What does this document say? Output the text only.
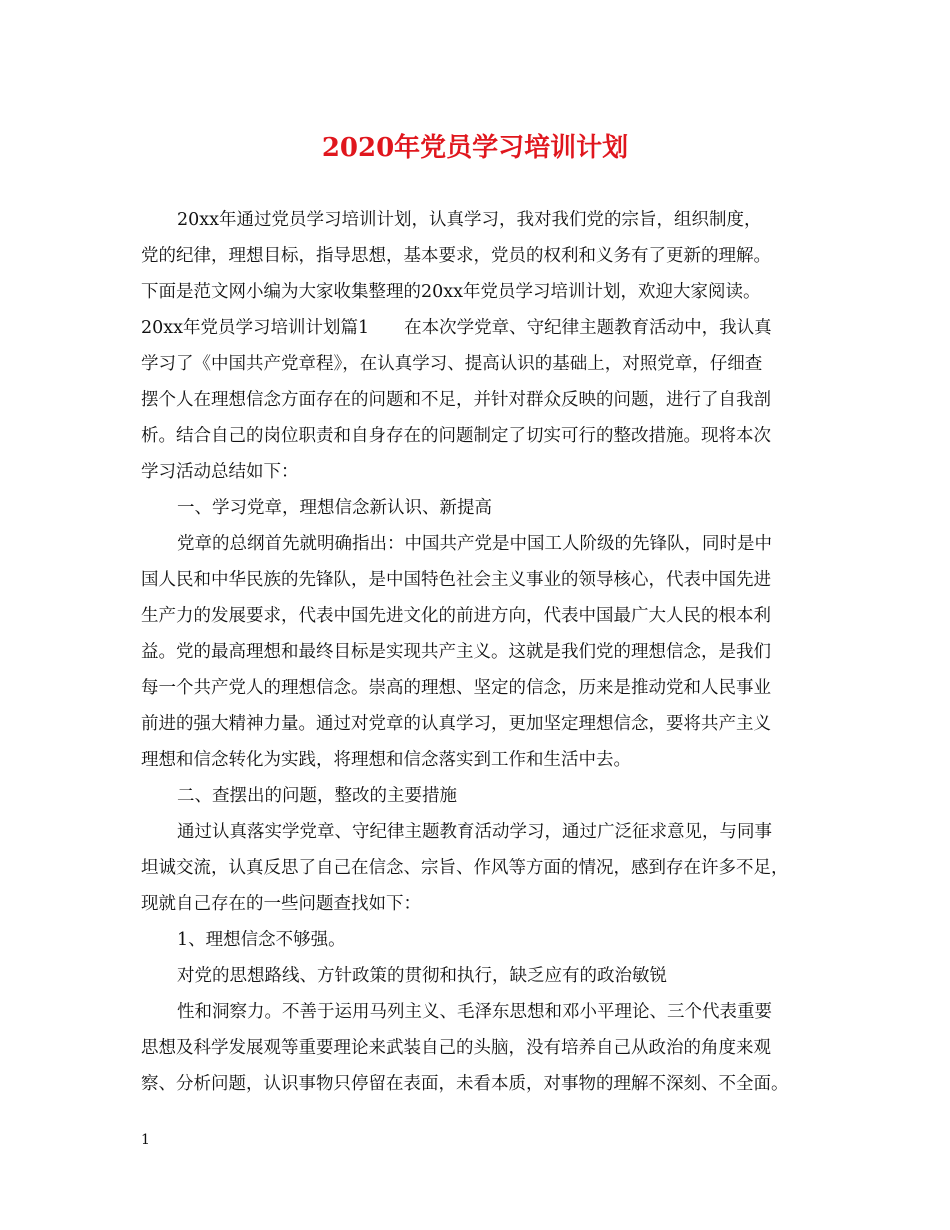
2020年党员学习培训计划
20xx年通过党员学习培训计划，认真学习，我对我们党的宗旨，组织制度，
党的纪律，理想目标，指导思想，基本要求，党员的权利和义务有了更新的理解。
下面是范文网小编为大家收集整理的20xx年党员学习培训计划，欢迎大家阅读。
20xx年党员学习培训计划篇1　　在本次学党章、守纪律主题教育活动中，我认真
学习了《中国共产党章程》，在认真学习、提高认识的基础上，对照党章，仔细查
摆个人在理想信念方面存在的问题和不足，并针对群众反映的问题，进行了自我剖
析。结合自己的岗位职责和自身存在的问题制定了切实可行的整改措施。现将本次
学习活动总结如下：
一、学习党章，理想信念新认识、新提高
党章的总纲首先就明确指出：中国共产党是中国工人阶级的先锋队，同时是中
国人民和中华民族的先锋队，是中国特色社会主义事业的领导核心，代表中国先进
生产力的发展要求，代表中国先进文化的前进方向，代表中国最广大人民的根本利
益。党的最高理想和最终目标是实现共产主义。这就是我们党的理想信念，是我们
每一个共产党人的理想信念。崇高的理想、坚定的信念，历来是推动党和人民事业
前进的强大精神力量。通过对党章的认真学习，更加坚定理想信念，要将共产主义
理想和信念转化为实践，将理想和信念落实到工作和生活中去。
二、查摆出的问题，整改的主要措施
通过认真落实学党章、守纪律主题教育活动学习，通过广泛征求意见，与同事
坦诚交流，认真反思了自己在信念、宗旨、作风等方面的情况，感到存在许多不足，
现就自己存在的一些问题查找如下：
1、理想信念不够强。
对党的思想路线、方针政策的贯彻和执行，缺乏应有的政治敏锐
性和洞察力。不善于运用马列主义、毛泽东思想和邓小平理论、三个代表重要
思想及科学发展观等重要理论来武装自己的头脑，没有培养自己从政治的角度来观
察、分析问题，认识事物只停留在表面，未看本质，对事物的理解不深刻、不全面。
1
